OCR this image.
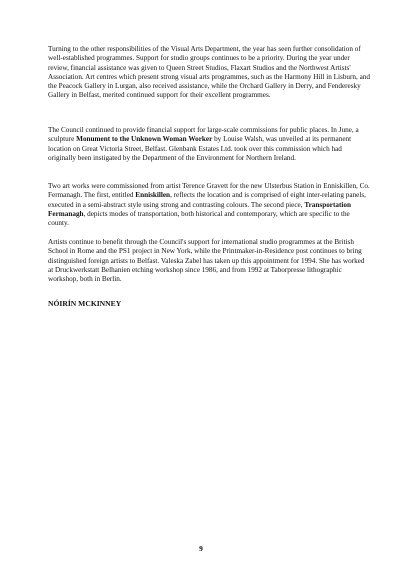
Turning to the other responsibilities of the Visual Arts Department, the year has seen further consolidation of well-established programmes. Support for studio groups continues to be a priority. During the year under review, financial assistance was given to Queen Street Studios, Flaxart Studios and the Northwest Artists' Association. Art centres which present strong visual arts programmes, such as the Harmony Hill in Lisburn, and the Peacock Gallery in Lurgan, also received assistance, while the Orchard Gallery in Derry, and Fenderesky Gallery in Belfast, merited continued support for their excellent programmes.

The Council continued to provide financial support for large-scale commissions for public places. In June, a sculpture Monument to the Unknown Woman Worker by Louise Walsh, was unveiled at its permanent location on Great Victoria Street, Belfast. Glenbank Estates Ltd. took over this commission which had originally been instigated by the Department of the Environment for Northern Ireland.

Two art works were commissioned from artist Terence Gravett for the new Ulsterbus Station in Enniskillen, Co. Fermanagh. The first, entitled Enniskillen, reflects the location and is comprised of eight inter-relating panels, executed in a semi-abstract style using strong and contrasting colours. The second piece, Transportation Fermanagh, depicts modes of transportation, both historical and contemporary, which are specific to the county.

Artists continue to benefit through the Council's support for international studio programmes at the British School in Rome and the PS1 project in New York, while the Printmaker-in-Residence post continues to bring distinguished foreign artists to Belfast. Valeska Zabel has taken up this appointment for 1994. She has worked at Druckwerkstatt Belhanien etching workshop since 1986, and from 1992 at Taborpresse lithographic workshop, both in Berlin.

NÓIRÍN MCKINNEY

9
